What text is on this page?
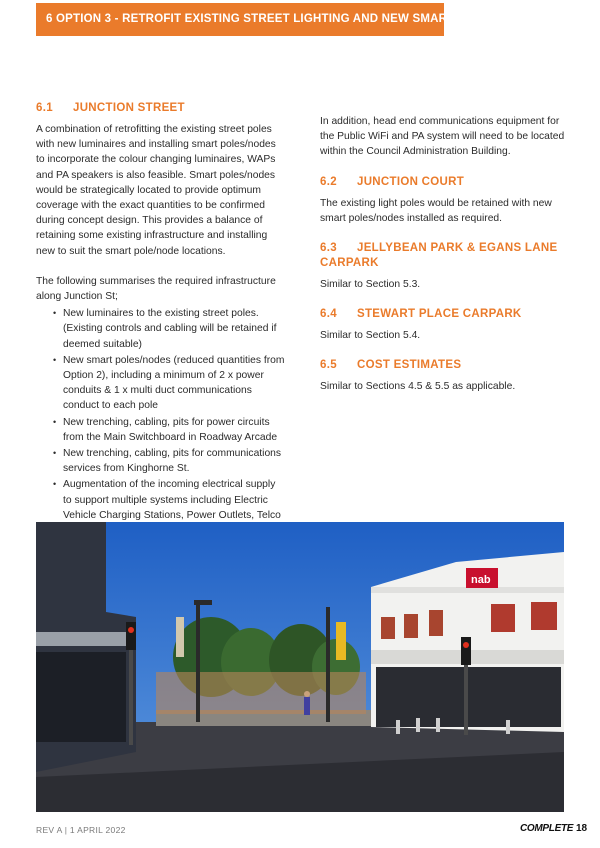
6 OPTION 3 - RETROFIT EXISTING STREET LIGHTING AND NEW SMART POLES
6.1 JUNCTION STREET

A combination of retrofitting the existing street poles with new luminaires and installing smart poles/nodes to incorporate the colour changing luminaires, WAPs and PA speakers is also feasible. Smart poles/nodes would be strategically located to provide optimum coverage with the exact quantities to be confirmed during concept design. This provides a balance of retaining some existing infrastructure and installing new to suit the smart pole/node locations.

The following summarises the required infrastructure along Junction St;

• New luminaires to the existing street poles. (Existing controls and cabling will be retained if deemed suitable)
• New smart poles/nodes (reduced quantities from Option 2), including a minimum of 2 x power conduits & 1 x multi duct communications conduct to each pole
• New trenching, cabling, pits for power circuits from the Main Switchboard in Roadway Arcade
• New trenching, cabling, pits for communications services from Kinghorne St.
• Augmentation of the incoming electrical supply to support multiple systems including Electric Vehicle Charging Stations, Power Outlets, Telco

In addition, head end communications equipment for the Public WiFi and PA system will need to be located within the Council Administration Building.

6.2 JUNCTION COURT

The existing light poles would be retained with new smart poles/nodes installed as required.

6.3 JELLYBEAN PARK & EGANS LANE CARPARK

Similar to Section 5.3.

6.4 STEWART PLACE CARPARK

Similar to Section 5.4.

6.5 COST ESTIMATES

Similar to Sections 4.5 & 5.5 as applicable.

nab
REV A | 1 APRIL 2022	COMPLETE 18
